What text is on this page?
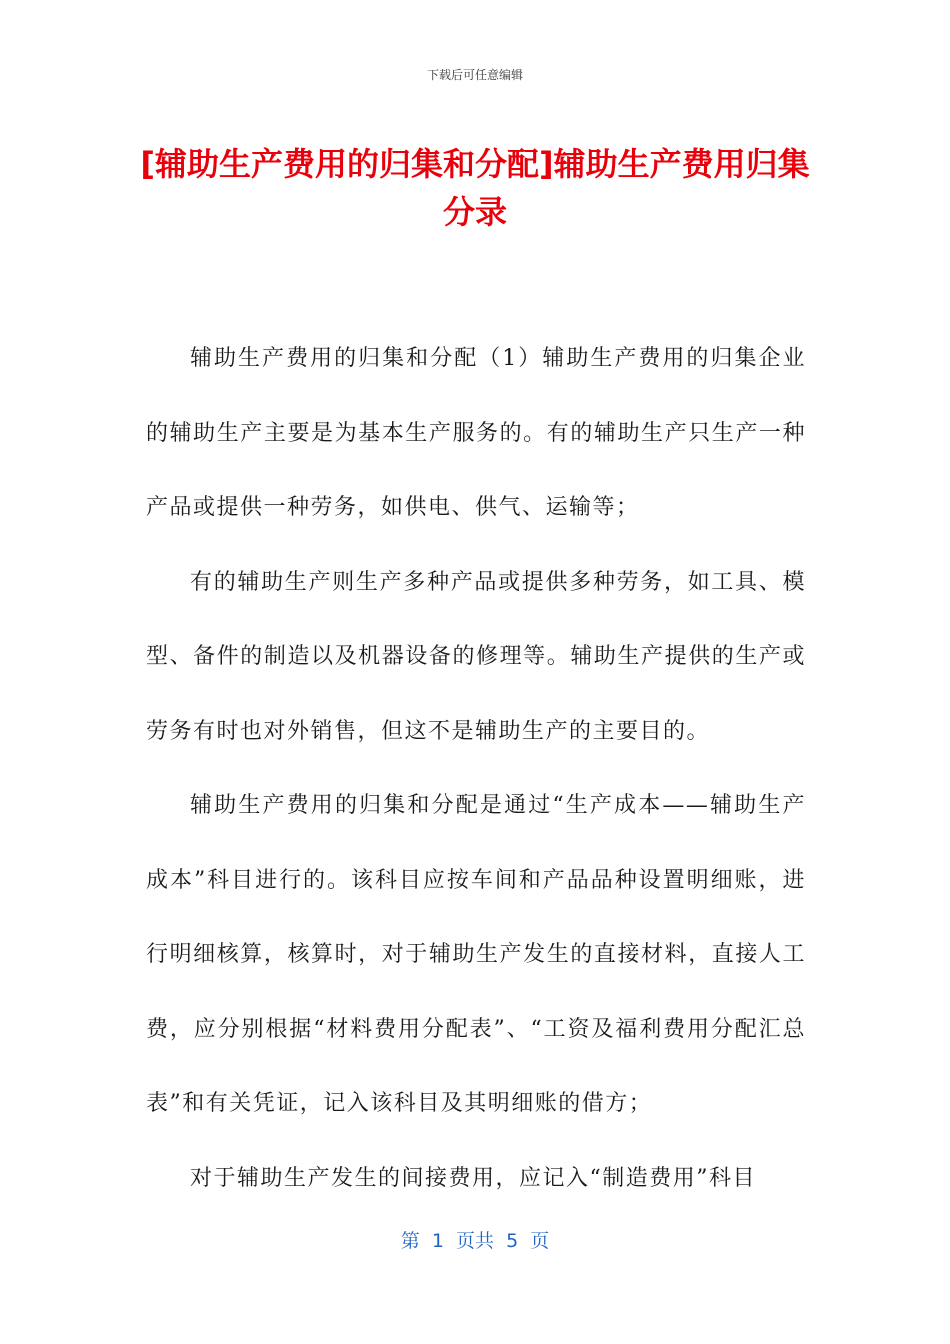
下载后可任意编辑
[辅助生产费用的归集和分配]辅助生产费用归集分录

辅助生产费用的归集和分配（1）辅助生产费用的归集企业的辅助生产主要是为基本生产服务的。有的辅助生产只生产一种产品或提供一种劳务，如供电、供气、运输等；

有的辅助生产则生产多种产品或提供多种劳务，如工具、模型、备件的制造以及机器设备的修理等。辅助生产提供的生产或劳务有时也对外销售，但这不是辅助生产的主要目的。

辅助生产费用的归集和分配是通过“生产成本——辅助生产成本”科目进行的。该科目应按车间和产品品种设置明细账，进行明细核算，核算时，对于辅助生产发生的直接材料，直接人工费，应分别根据“材料费用分配表”、“工资及福利费用分配汇总表”和有关凭证，记入该科目及其明细账的借方；

对于辅助生产发生的间接费用，应记入“制造费用”科目

第  1  页共  5  页
